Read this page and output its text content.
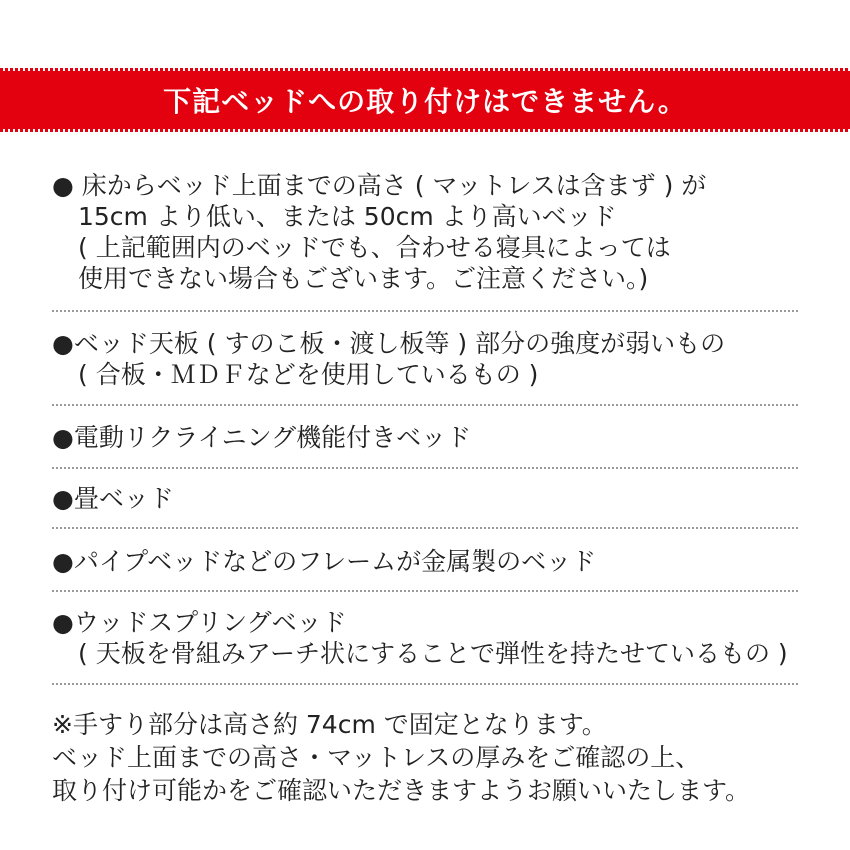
下記ベッドへの取り付けはできません。
● 床からベッド上面までの高さ ( マットレスは含まず ) が
15cm より低い、または 50cm より高いベッド
( 上記範囲内のベッドでも、合わせる寝具によっては
使用できない場合もございます。ご注意ください。)
●ベッド天板 ( すのこ板・渡し板等 ) 部分の強度が弱いもの
( 合板・ＭＤＦなどを使用しているもの )
●電動リクライニング機能付きベッド
●畳ベッド
●パイプベッドなどのフレームが金属製のベッド
●ウッドスプリングベッド
( 天板を骨組みアーチ状にすることで弾性を持たせているもの )
※手すり部分は高さ約 74cm で固定となります。
ベッド上面までの高さ・マットレスの厚みをご確認の上、
取り付け可能かをご確認いただきますようお願いいたします。
